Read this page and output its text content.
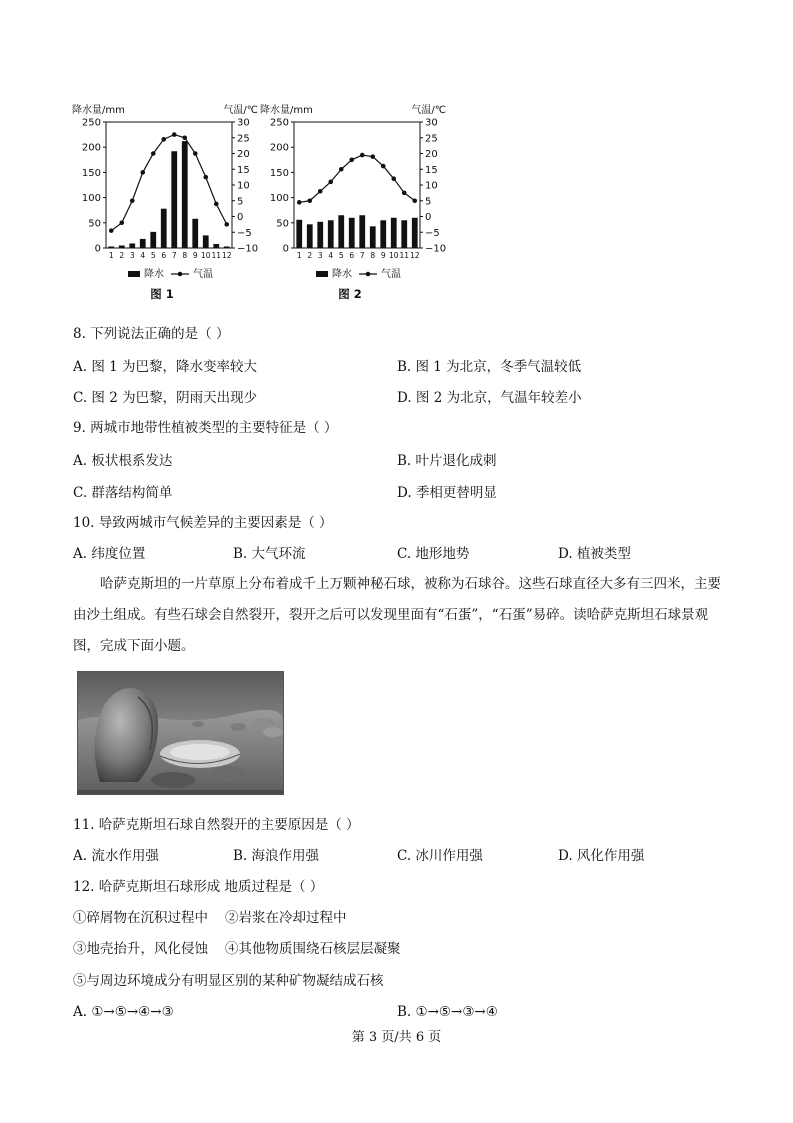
降水量/mm	气温/℃
250
200
150
100
50
0
30
25
20
15
10
5
0
−5
−10
1 2 3 4 5 6 7 8 9 10 11 12
降水	气温
图 1
降水量/mm	气温/℃
250
200
150
100
50
0
30
25
20
15
10
5
0
−5
−10
1 2 3 4 5 6 7 8 9 10 11 12
降水	气温
图 2
8. 下列说法正确的是（ ）
A. 图 1 为巴黎，降水变率较大	B. 图 1 为北京，冬季气温较低
C. 图 2 为巴黎，阴雨天出现少	D. 图 2 为北京，气温年较差小
9. 两城市地带性植被类型的主要特征是（ ）
A. 板状根系发达	B. 叶片退化成刺
C. 群落结构简单	D. 季相更替明显
10. 导致两城市气候差异的主要因素是（ ）
A. 纬度位置	B. 大气环流	C. 地形地势	D. 植被类型
哈萨克斯坦的一片草原上分布着成千上万颗神秘石球，被称为石球谷。这些石球直径大多有三四米，主要由沙土组成。有些石球会自然裂开，裂开之后可以发现里面有“石蛋”，“石蛋”易碎。读哈萨克斯坦石球景观图，完成下面小题。
11. 哈萨克斯坦石球自然裂开的主要原因是（ ）
A. 流水作用强	B. 海浪作用强	C. 冰川作用强	D. 风化作用强
12. 哈萨克斯坦石球形成 地质过程是（ ）
①碎屑物在沉积过程中 ②岩浆在冷却过程中
③地壳抬升，风化侵蚀 ④其他物质围绕石核层层凝聚
⑤与周边环境成分有明显区别的某种矿物凝结成石核
A. ①→⑤→④→③	B. ①→⑤→③→④
第 3 页/共 6 页
